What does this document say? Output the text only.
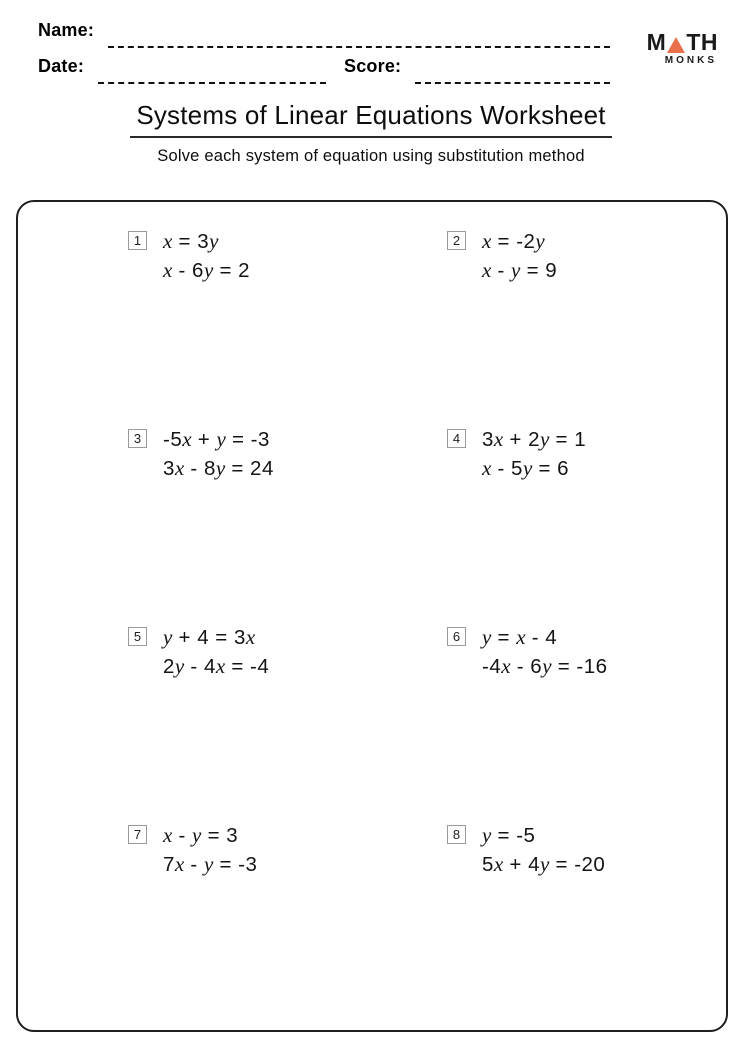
Name:
Date:	Score:
M TH
MONKS
Systems of Linear Equations Worksheet
Solve each system of equation using substitution method
1 x = 3y
x - 6y = 2
2 x = -2y
x - y = 9
3 -5x + y = -3
3x - 8y = 24
4 3x + 2y = 1
x - 5y = 6
5 y + 4 = 3x
2y - 4x = -4
6 y = x - 4
-4x - 6y = -16
7 x - y = 3
7x - y = -3
8 y = -5
5x + 4y = -20
